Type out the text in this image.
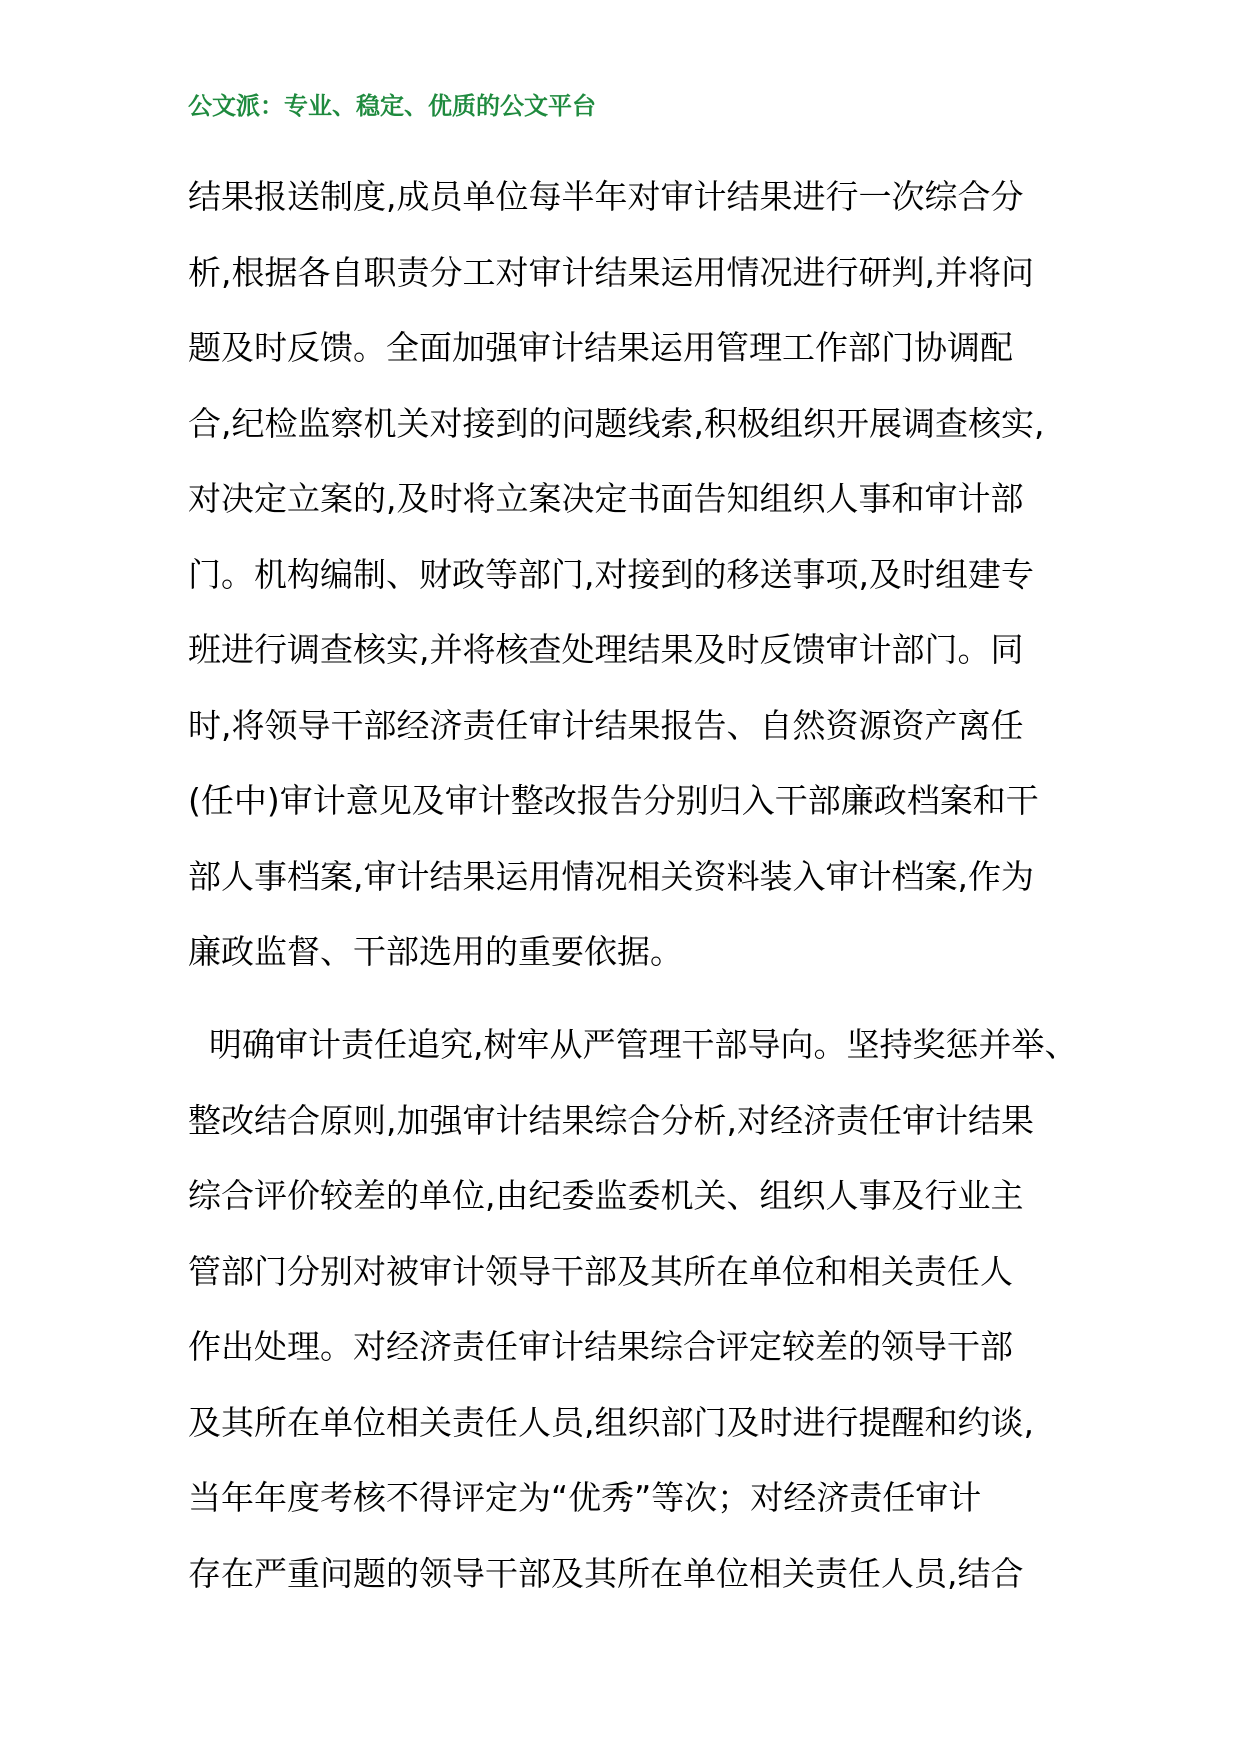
公文派：专业、稳定、优质的公文平台
结果报送制度,成员单位每半年对审计结果进行一次综合分
析,根据各自职责分工对审计结果运用情况进行研判,并将问
题及时反馈。全面加强审计结果运用管理工作部门协调配
合,纪检监察机关对接到的问题线索,积极组织开展调查核实,
对决定立案的,及时将立案决定书面告知组织人事和审计部
门。机构编制、财政等部门,对接到的移送事项,及时组建专
班进行调查核实,并将核查处理结果及时反馈审计部门。同
时,将领导干部经济责任审计结果报告、自然资源资产离任
(任中)审计意见及审计整改报告分别归入干部廉政档案和干
部人事档案,审计结果运用情况相关资料装入审计档案,作为
廉政监督、干部选用的重要依据。
明确审计责任追究,树牢从严管理干部导向。坚持奖惩并举、
整改结合原则,加强审计结果综合分析,对经济责任审计结果
综合评价较差的单位,由纪委监委机关、组织人事及行业主
管部门分别对被审计领导干部及其所在单位和相关责任人
作出处理。对经济责任审计结果综合评定较差的领导干部
及其所在单位相关责任人员,组织部门及时进行提醒和约谈,
当年年度考核不得评定为“优秀”等次；对经济责任审计
存在严重问题的领导干部及其所在单位相关责任人员,结合
